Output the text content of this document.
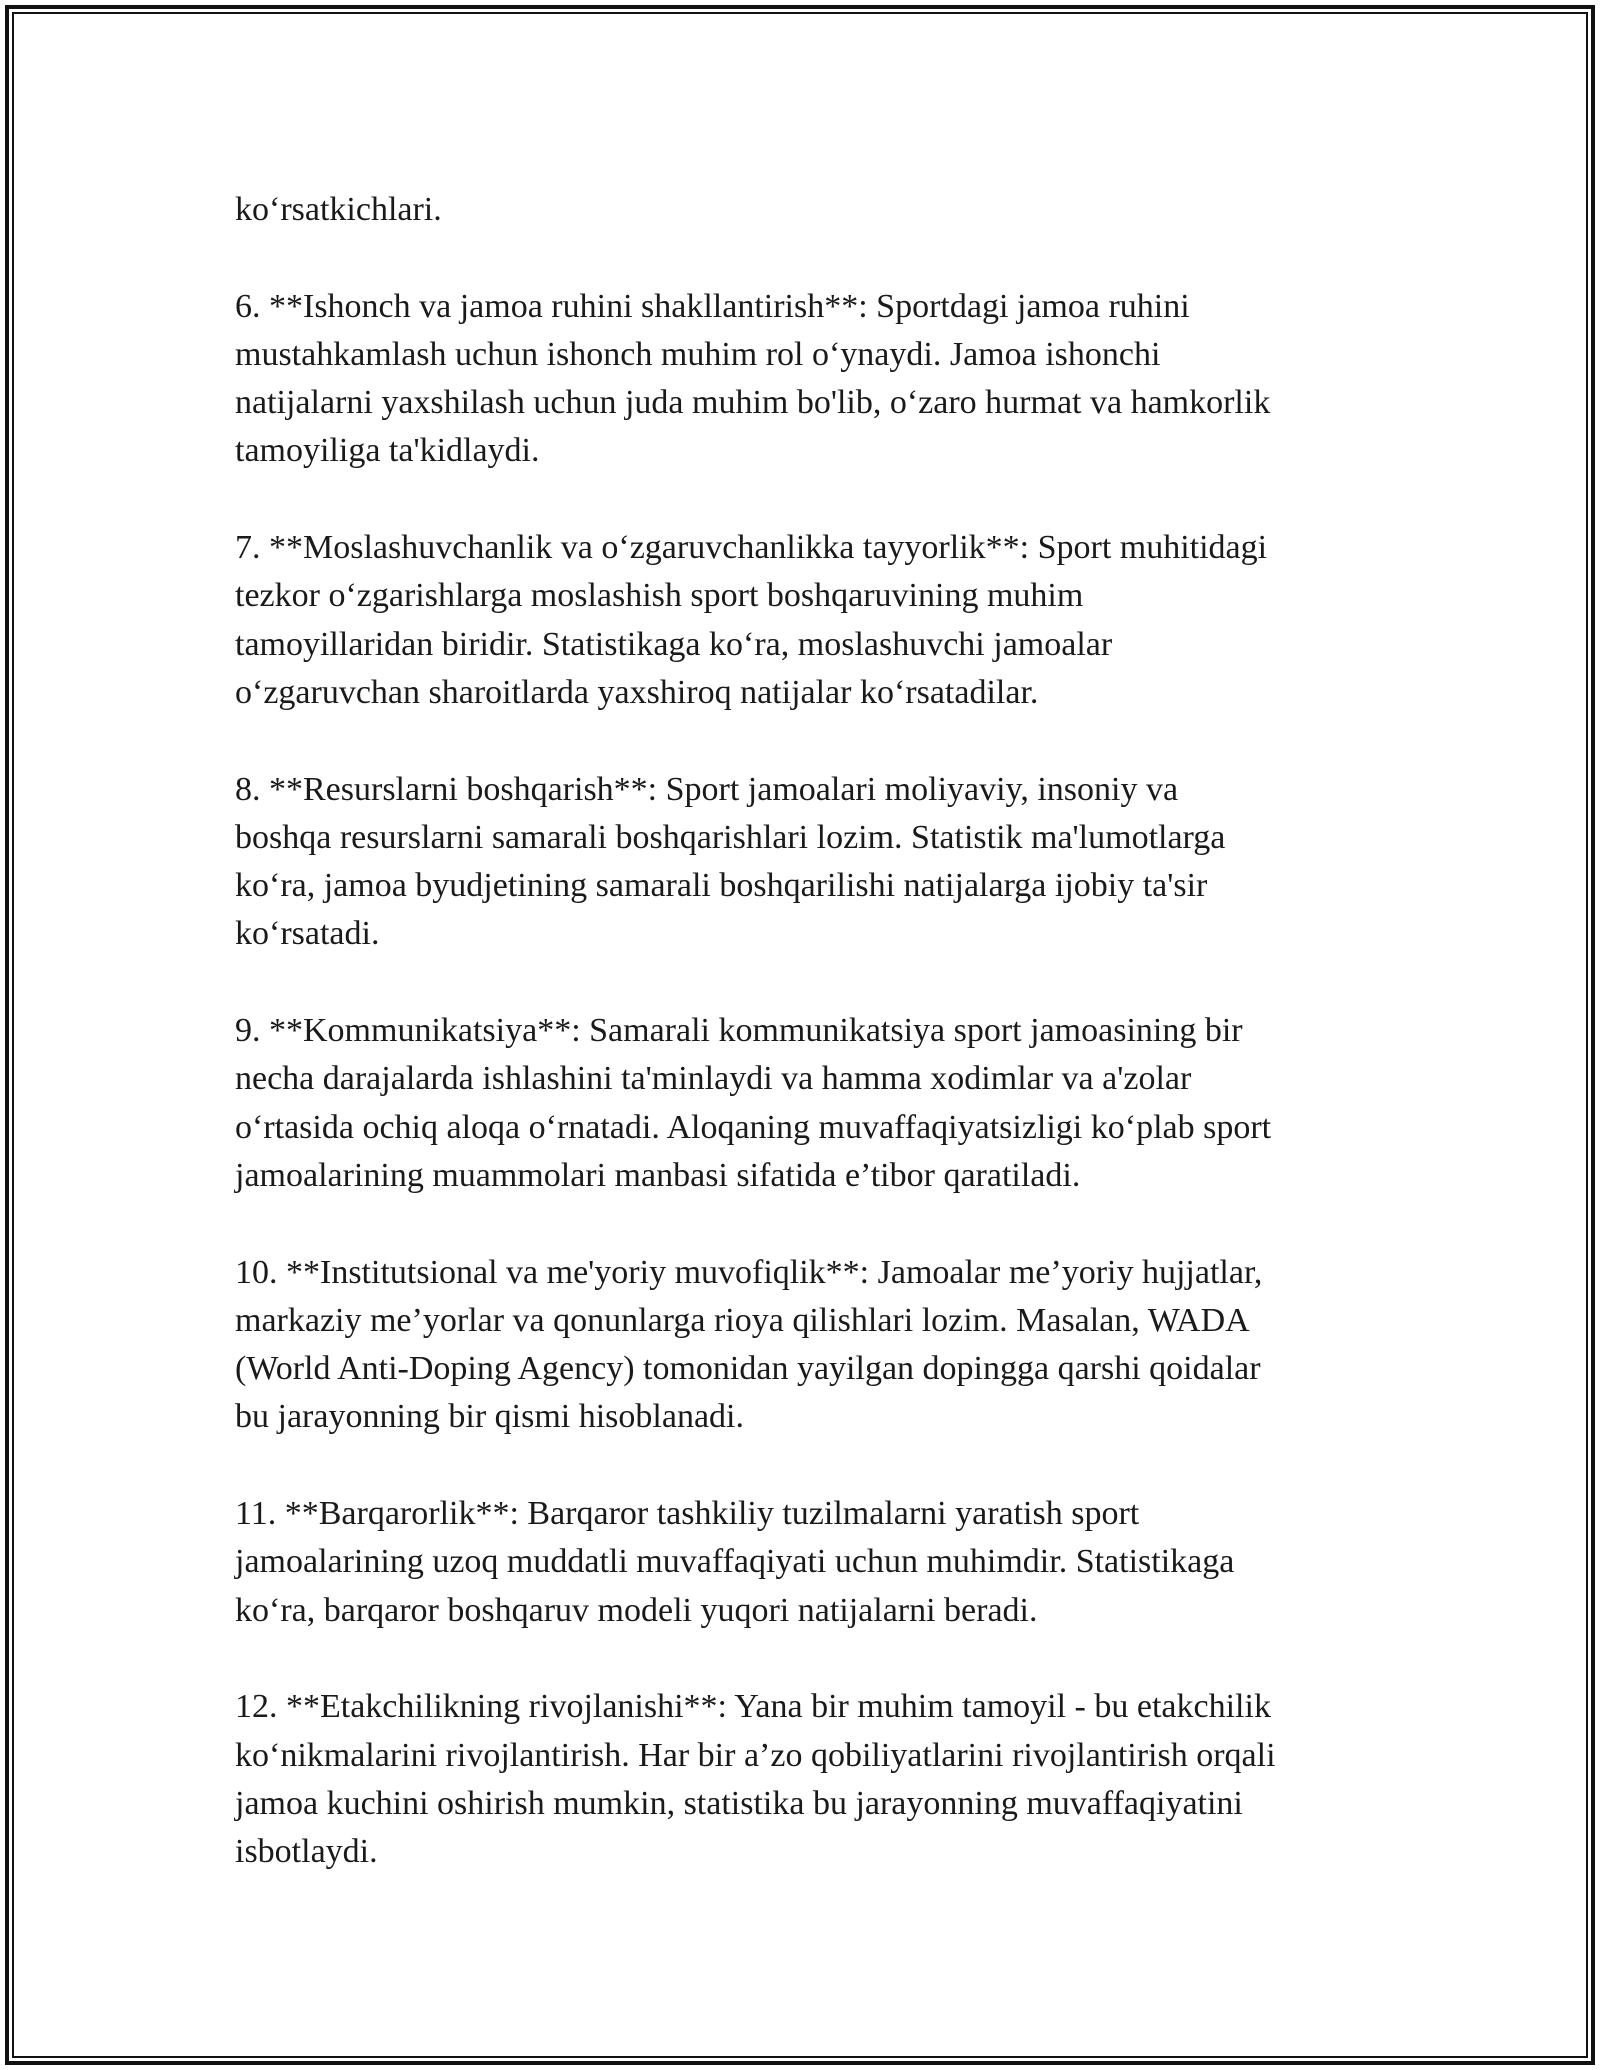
ko‘rsatkichlari.

6. **Ishonch va jamoa ruhini shakllantirish**: Sportdagi jamoa ruhini
mustahkamlash uchun ishonch muhim rol o‘ynaydi. Jamoa ishonchi
natijalarni yaxshilash uchun juda muhim bo'lib, o‘zaro hurmat va hamkorlik
tamoyiliga ta'kidlaydi.

7. **Moslashuvchanlik va o‘zgaruvchanlikka tayyorlik**: Sport muhitidagi
tezkor o‘zgarishlarga moslashish sport boshqaruvining muhim
tamoyillaridan biridir. Statistikaga ko‘ra, moslashuvchi jamoalar
o‘zgaruvchan sharoitlarda yaxshiroq natijalar ko‘rsatadilar.

8. **Resurslarni boshqarish**: Sport jamoalari moliyaviy, insoniy va
boshqa resurslarni samarali boshqarishlari lozim. Statistik ma'lumotlarga
ko‘ra, jamoa byudjetining samarali boshqarilishi natijalarga ijobiy ta'sir
ko‘rsatadi.

9. **Kommunikatsiya**: Samarali kommunikatsiya sport jamoasining bir
necha darajalarda ishlashini ta'minlaydi va hamma xodimlar va a'zolar
o‘rtasida ochiq aloqa o‘rnatadi. Aloqaning muvaffaqiyatsizligi ko‘plab sport
jamoalarining muammolari manbasi sifatida e’tibor qaratiladi.

10. **Institutsional va me'yoriy muvofiqlik**: Jamoalar me’yoriy hujjatlar,
markaziy me’yorlar va qonunlarga rioya qilishlari lozim. Masalan, WADA
(World Anti-Doping Agency) tomonidan yayilgan dopingga qarshi qoidalar
bu jarayonning bir qismi hisoblanadi.

11. **Barqarorlik**: Barqaror tashkiliy tuzilmalarni yaratish sport
jamoalarining uzoq muddatli muvaffaqiyati uchun muhimdir. Statistikaga
ko‘ra, barqaror boshqaruv modeli yuqori natijalarni beradi.

12. **Etakchilikning rivojlanishi**: Yana bir muhim tamoyil - bu etakchilik
ko‘nikmalarini rivojlantirish. Har bir a’zo qobiliyatlarini rivojlantirish orqali
jamoa kuchini oshirish mumkin, statistika bu jarayonning muvaffaqiyatini
isbotlaydi.
